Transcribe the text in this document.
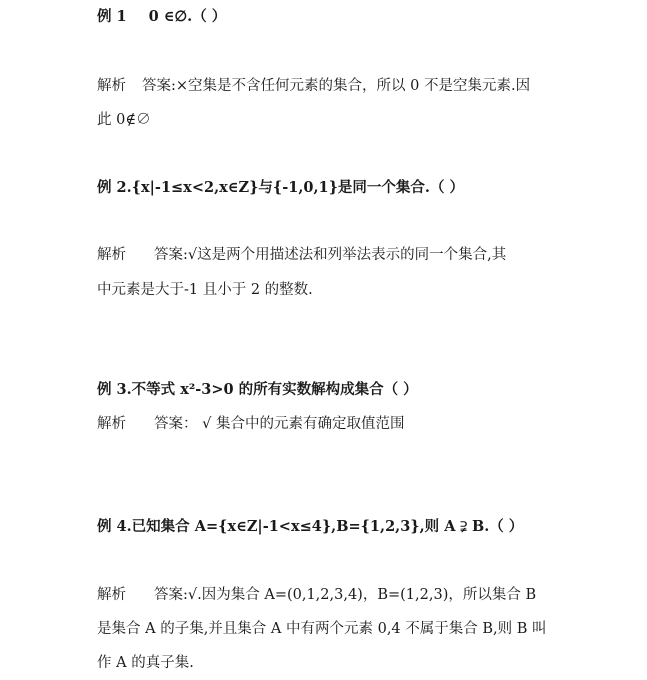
例 1 0 ∈∅.（ ）
解析 答案:×空集是不含任何元素的集合，所以 0 不是空集元素.因
此 0∉∅
例 2.{x|-1≤x<2,x∈Z}与{-1,0,1}是同一个集合.（ ）
解析 答案:√这是两个用描述法和列举法表示的同一个集合,其
中元素是大于-1 且小于 2 的整数.
例 3.不等式 x²-3>0 的所有实数解构成集合（ ）
解析 答案： √ 集合中的元素有确定取值范围
例 4.已知集合 A={x∈Z|-1<x≤4},B={1,2,3},则 A ⫌ B.（ ）
解析 答案:√.因为集合 A=(0,1,2,3,4)，B=(1,2,3)，所以集合 B
是集合 A 的子集,并且集合 A 中有两个元素 0,4 不属于集合 B,则 B 叫
作 A 的真子集.
